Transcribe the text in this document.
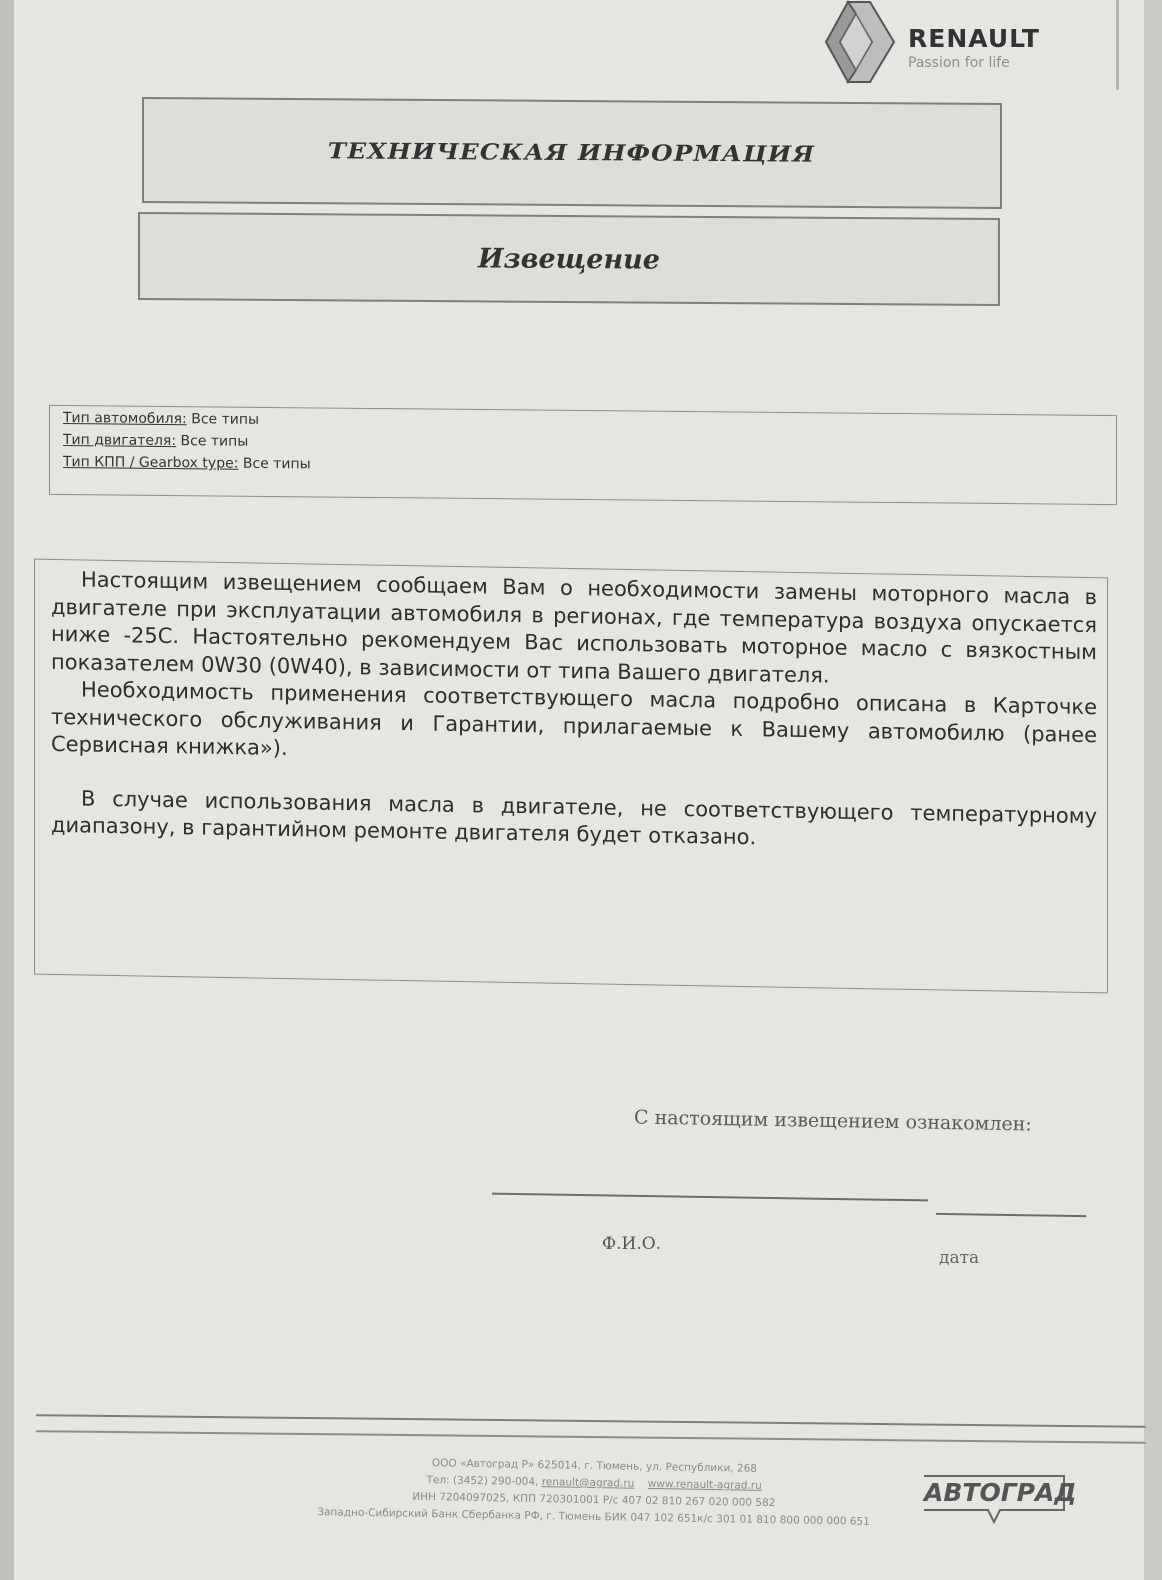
RENAULT
Passion for life
ТЕХНИЧЕСКАЯ ИНФОРМАЦИЯ
Извещение
Тип автомобиля: Все типы
Тип двигателя: Все типы
Тип КПП / Gearbox type: Все типы

Настоящим извещением сообщаем Вам о необходимости замены моторного масла в двигателе при эксплуатации автомобиля в регионах, где температура воздуха опускается ниже -25С. Настоятельно рекомендуем Вас использовать моторное масло с вязкостным показателем 0W30 (0W40), в зависимости от типа Вашего двигателя.

Необходимость применения соответствующего масла подробно описана в Карточке технического обслуживания и Гарантии, прилагаемые к Вашему автомобилю (ранее Сервисная книжка»).

В случае использования масла в двигателе, не соответствующего температурному диапазону, в гарантийном ремонте двигателя будет отказано.

С настоящим извещением ознакомлен:
Ф.И.О.
дата
ООО «Автоград Р» 625014, г. Тюмень, ул. Республики, 268
Тел: (3452) 290-004, renault@agrad.ru www.renault-agrad.ru
ИНН 7204097025, КПП 720301001 Р/с 407 02 810 267 020 000 582
Западно-Сибирский Банк Сбербанка РФ, г. Тюмень БИК 047 102 651к/с 301 01 810 800 000 000 651
АВТОГРАД
